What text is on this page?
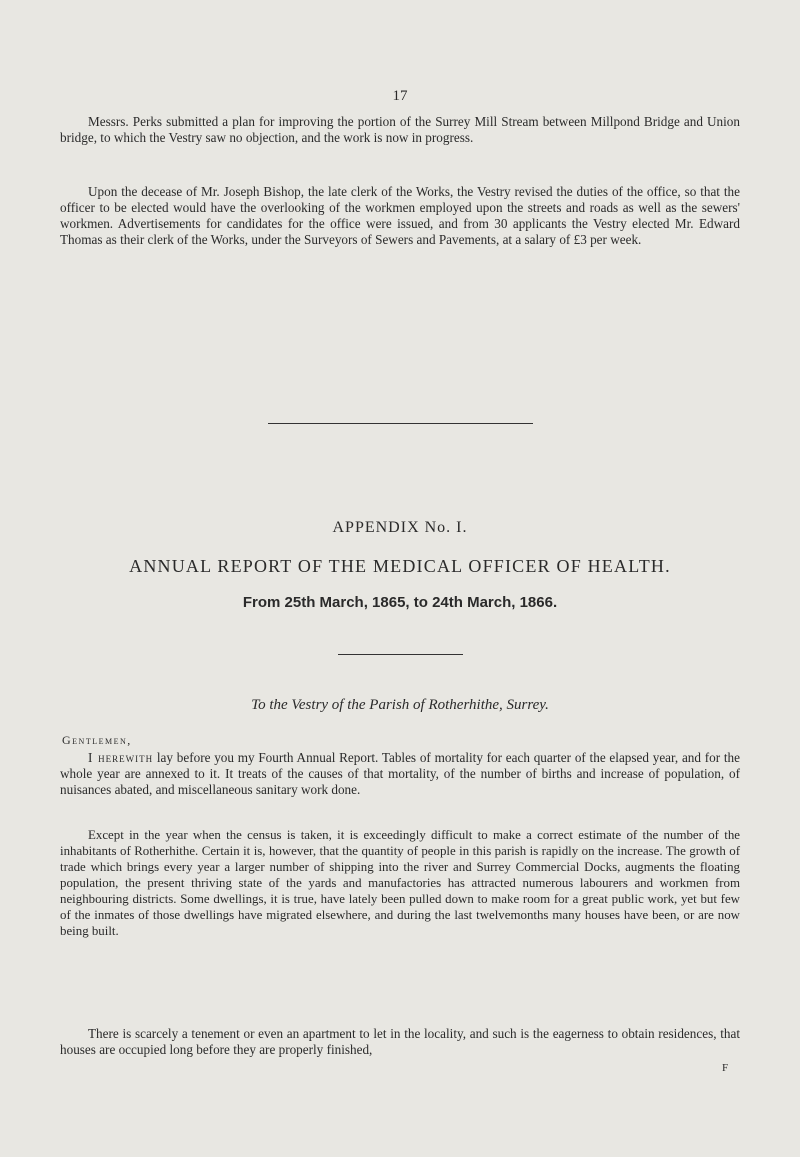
17

Messrs. Perks submitted a plan for improving the portion of the Surrey Mill Stream between Millpond Bridge and Union bridge, to which the Vestry saw no objection, and the work is now in progress.

Upon the decease of Mr. Joseph Bishop, the late clerk of the Works, the Vestry revised the duties of the office, so that the officer to be elected would have the overlooking of the workmen employed upon the streets and roads as well as the sewers' workmen. Advertisements for candidates for the office were issued, and from 30 applicants the Vestry elected Mr. Edward Thomas as their clerk of the Works, under the Surveyors of Sewers and Pavements, at a salary of £3 per week.

APPENDIX No. I.
ANNUAL REPORT OF THE MEDICAL OFFICER OF HEALTH.
From 25th March, 1865, to 24th March, 1866.
To the Vestry of the Parish of Rotherhithe, Surrey.
Gentlemen,

I herewith lay before you my Fourth Annual Report. Tables of mortality for each quarter of the elapsed year, and for the whole year are annexed to it. It treats of the causes of that mortality, of the number of births and increase of population, of nuisances abated, and miscellaneous sanitary work done.

Except in the year when the census is taken, it is exceedingly difficult to make a correct estimate of the number of the inhabitants of Rotherhithe. Certain it is, however, that the quantity of people in this parish is rapidly on the increase. The growth of trade which brings every year a larger number of shipping into the river and Surrey Commercial Docks, augments the floating population, the present thriving state of the yards and manufactories has attracted numerous labourers and workmen from neighbouring districts. Some dwellings, it is true, have lately been pulled down to make room for a great public work, yet but few of the inmates of those dwellings have migrated elsewhere, and during the last twelvemonths many houses have been, or are now being built.

There is scarcely a tenement or even an apartment to let in the locality, and such is the eagerness to obtain residences, that houses are occupied long before they are properly finished,

F
